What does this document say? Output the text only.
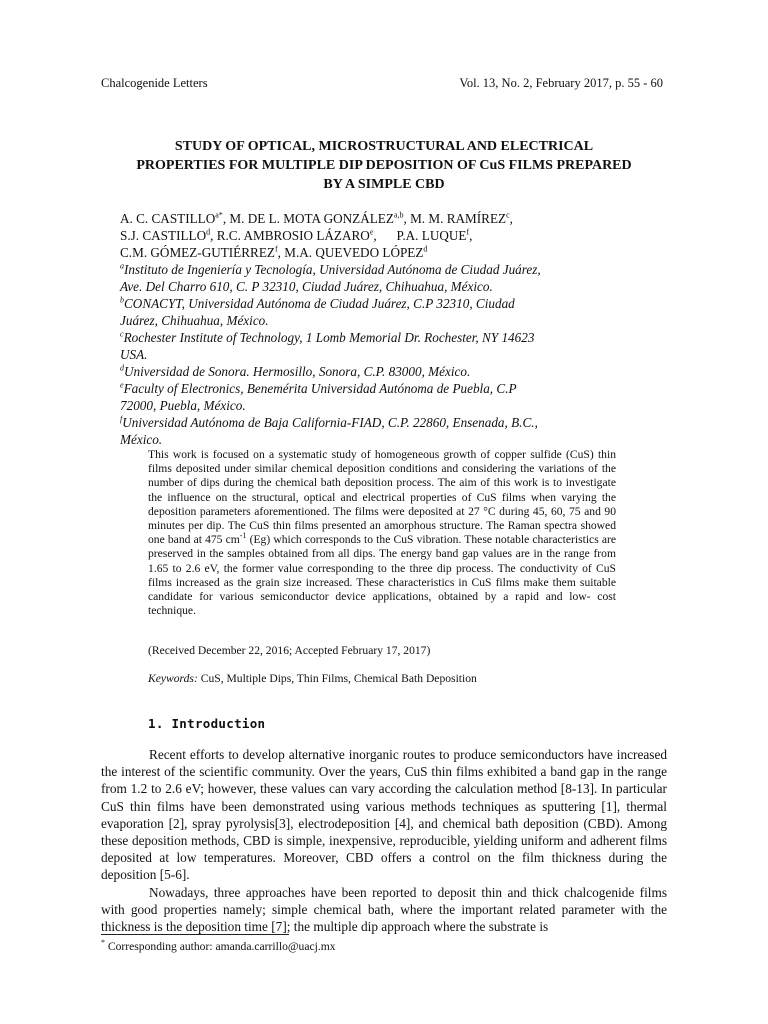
Chalcogenide Letters	Vol. 13, No. 2, February 2017, p. 55 - 60
STUDY OF OPTICAL, MICROSTRUCTURAL AND ELECTRICAL
PROPERTIES FOR MULTIPLE DIP DEPOSITION OF CuS FILMS PREPARED
BY A SIMPLE CBD
A. C. $CASTILLO^{a*}$, M. DE L. MOTA GONZÁLEZ$^{a,b}$, M. M. RAMÍREZ$^c$,
S.J. CASTILLO$^d$, R.C. AMBROSIO LÁZARO$^e$,      P.A. LUQUE$^f$,
C.M. GÓMEZ-GUTIÉRREZ$^f$, M.A. QUEVEDO LÓPEZ$^d$
$^a$Instituto de Ingeniería y Tecnología, Universidad Autónoma de Ciudad Juárez,
Ave. Del Charro 610, C. P 32310, Ciudad Juárez, Chihuahua, México.
$^b$CONACYT, Universidad Autónoma de Ciudad Juárez, C.P 32310, Ciudad
Juárez, Chihuahua, México.
$^c$Rochester Institute of Technology, 1 Lomb Memorial Dr. Rochester, NY 14623
USA.
$^d$Universidad de Sonora. Hermosillo, Sonora, C.P. 83000, México.
$^e$Faculty of Electronics, Benemérita Universidad Autónoma de Puebla, C.P
72000, Puebla, México.
$^f$Universidad Autónoma de Baja California-FIAD, C.P. 22860, Ensenada, B.C.,
México.
This work is focused on a systematic study of homogeneous growth of copper sulfide (CuS) thin films deposited under similar chemical deposition conditions and considering the variations of the number of dips during the chemical bath deposition process. The aim of this work is to investigate the influence on the structural, optical and electrical properties of CuS films when varying the deposition parameters aforementioned. The films were deposited at 27 °C during 45, 60, 75 and 90 minutes per dip. The CuS thin films presented an amorphous structure. The Raman spectra showed one band at 475 $cm^{-1}$ (Eg) which corresponds to the CuS vibration. These notable characteristics are preserved in the samples obtained from all dips. The energy band gap values are in the range from 1.65 to 2.6 eV, the former value corresponding to the three dip process. The conductivity of CuS films increased as the grain size increased. These characteristics in CuS films make them suitable candidate for various semiconductor device applications, obtained by a rapid and low- cost technique.
(Received December 22, 2016; Accepted February 17, 2017)
Keywords: CuS, Multiple Dips, Thin Films, Chemical Bath Deposition
1. Introduction

Recent efforts to develop alternative inorganic routes to produce semiconductors have increased the interest of the scientific community. Over the years, CuS thin films exhibited a band gap in the range from 1.2 to 2.6 eV; however, these values can vary according the calculation method [8-13]. In particular CuS thin films have been demonstrated using various methods techniques as sputtering [1], thermal evaporation [2], spray pyrolysis[3], electrodeposition [4], and chemical bath deposition (CBD). Among these deposition methods, CBD is simple, inexpensive, reproducible, yielding uniform and adherent films deposited at low temperatures. Moreover, CBD offers a control on the film thickness during the deposition [5-6].

Nowadays, three approaches have been reported to deposit thin and thick chalcogenide films with good properties namely; simple chemical bath, where the important related parameter with the thickness is the deposition time [7]; the multiple dip approach where the substrate is

* Corresponding author: amanda.carrillo@uacj.mx
